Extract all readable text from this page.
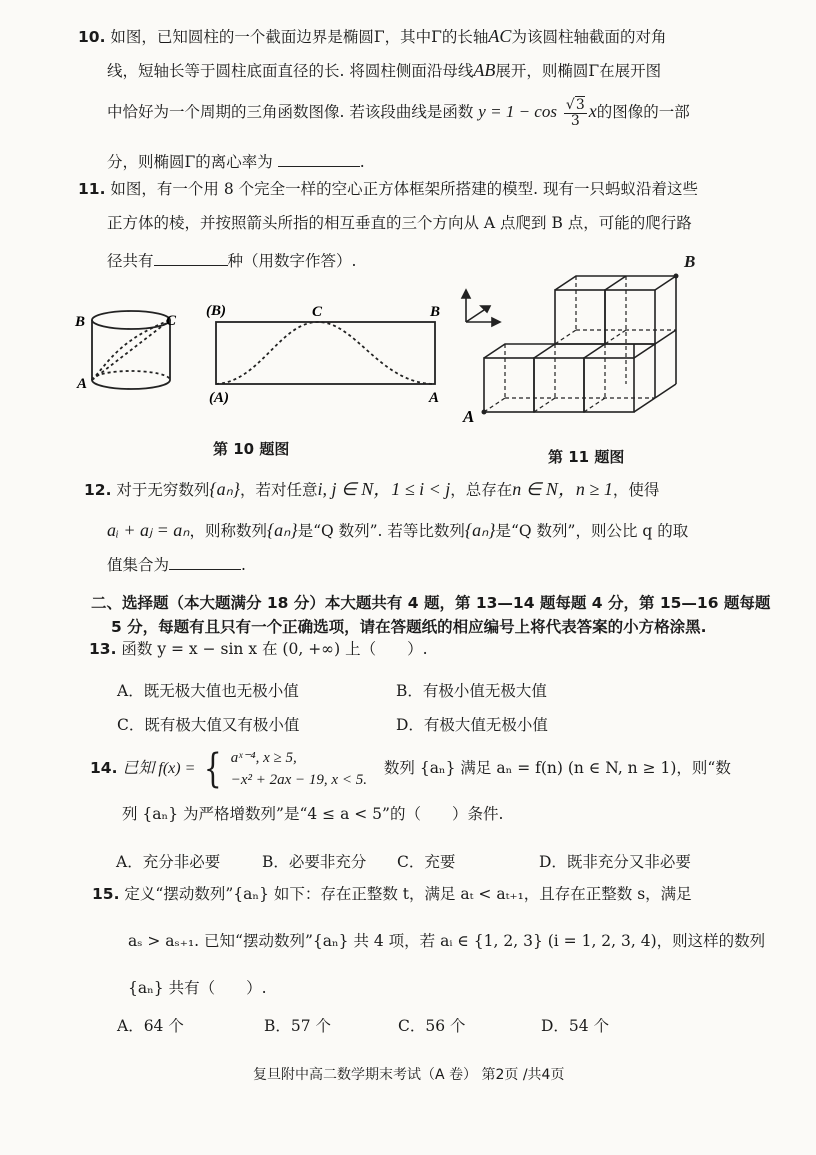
10. 如图，已知圆柱的一个截面边界是椭圆Γ，其中Γ的长轴AC为该圆柱轴截面的对角
线，短轴长等于圆柱底面直径的长. 将圆柱侧面沿母线AB展开，则椭圆Γ在展开图
中恰好为一个周期的三角函数图像. 若该段曲线是函数 $y = 1 - \cos \frac{√3}{3}$ x的图像的一部
分，则椭圆Γ的离心率为	.
11. 如图，有一个用 8 个完全一样的空心正方体框架所搭建的模型. 现有一只蚂蚁沿着这些
正方体的棱，并按照箭头所指的相互垂直的三个方向从 A 点爬到 B 点，可能的爬行路
径共有	种（用数字作答）.
B	C
A
(B)	C	B
(A)	A
A
B
第 10 题图	第 11 题图
12. 对于无穷数列{aₙ}，若对任意i, j ∈ N，1 ≤ i < j，总存在n ∈ N，n ≥ 1，使得
aᵢ + aⱼ = aₙ，则称数列{aₙ}是“Q 数列”. 若等比数列{aₙ}是“Q 数列”，则公比 q 的取
值集合为	.
二、选择题（本大题满分 18 分）本大题共有 4 题，第 13—14 题每题 4 分，第 15—16 题每题
5 分，每题有且只有一个正确选项，请在答题纸的相应编号上将代表答案的小方格涂黑.
13. 函数 y = x − sin x 在 (0, +∞) 上（　　）.
A．既无极大值也无极小值	B．有极小值无极大值
C．既有极大值又有极小值	D．有极大值无极小值
14. 已知 f(x) = { aˣ⁻⁴, x ≥ 5,
−x² + 2ax − 19, x < 5.
数列 {aₙ} 满足 aₙ = f(n) (n ∈ N, n ≥ 1)，则“数
列 {aₙ} 为严格增数列”是“4 ≤ a < 5”的（　　）条件.
A．充分非必要	B．必要非充分 C．充要	D．既非充分又非必要
15. 定义“摆动数列”{aₙ} 如下：存在正整数 t，满足 aₜ < aₜ₊₁，且存在正整数 s，满足
aₛ > aₛ₊₁. 已知“摆动数列”{aₙ} 共 4 项，若 aᵢ ∈ {1, 2, 3} (i = 1, 2, 3, 4)，则这样的数列
{aₙ} 共有（　　）.
A．64 个	B．57 个	C．56 个	D．54 个
复旦附中高二数学期末考试（A 卷） 第2页 /共4页
